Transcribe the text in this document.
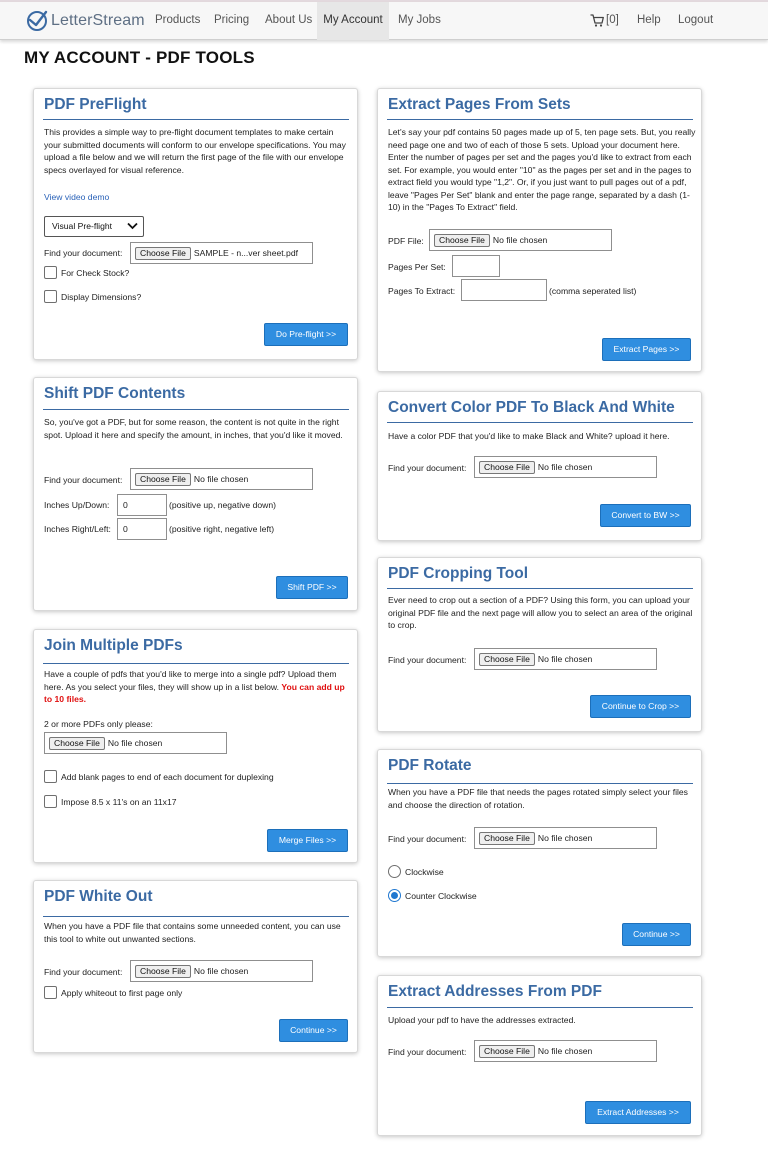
LetterStream Products Pricing About Us My Account	My Jobs	[0] Help Logout
MY ACCOUNT - PDF TOOLS
PDF PreFlight
This provides a simple way to pre-flight document templates to make certain your submitted documents will conform to our envelope specifications. You may upload a file below and we will return the first page of the file with our envelope specs overlayed for visual reference.
View video demo
Visual Pre-flight
Find your document:	Choose File SAMPLE - n...ver sheet.pdf
For Check Stock?
Display Dimensions?
Do Pre-flight >>
Shift PDF Contents
So, you've got a PDF, but for some reason, the content is not quite in the right spot. Upload it here and specify the amount, in inches, that you'd like it moved.
Find your document:	Choose File No file chosen
Inches Up/Down:	0	(positive up, negative down)
Inches Right/Left:	0	(positive right, negative left)
Shift PDF >>
Join Multiple PDFs
Have a couple of pdfs that you'd like to merge into a single pdf? Upload them here. As you select your files, they will show up in a list below. You can add up to 10 files.
2 or more PDFs only please:
Choose File No file chosen
Add blank pages to end of each document for duplexing
Impose 8.5 x 11's on an 11x17
Merge Files >>
PDF White Out
When you have a PDF file that contains some unneeded content, you can use this tool to white out unwanted sections.
Find your document:	Choose File No file chosen
Apply whiteout to first page only
Continue >>
Extract Pages From Sets
Let's say your pdf contains 50 pages made up of 5, ten page sets. But, you really need page one and two of each of those 5 sets. Upload your document here. Enter the number of pages per set and the pages you'd like to extract from each set. For example, you would enter "10" as the pages per set and in the pages to extract field you would type "1,2". Or, if you just want to pull pages out of a pdf, leave "Pages Per Set" blank and enter the page range, separated by a dash (1-10) in the "Pages To Extract" field.
PDF File:	Choose File No file chosen
Pages Per Set:
Pages To Extract:	(comma seperated list)
Extract Pages >>
Convert Color PDF To Black And White
Have a color PDF that you'd like to make Black and White? upload it here.
Find your document:	Choose File No file chosen
Convert to BW >>
PDF Cropping Tool
Ever need to crop out a section of a PDF? Using this form, you can upload your original PDF file and the next page will allow you to select an area of the original to crop.
Find your document:	Choose File No file chosen
Continue to Crop >>
PDF Rotate
When you have a PDF file that needs the pages rotated simply select your files and choose the direction of rotation.
Find your document:	Choose File No file chosen
Clockwise
Counter Clockwise
Continue >>
Extract Addresses From PDF
Upload your pdf to have the addresses extracted.
Find your document:	Choose File No file chosen
Extract Addresses >>
